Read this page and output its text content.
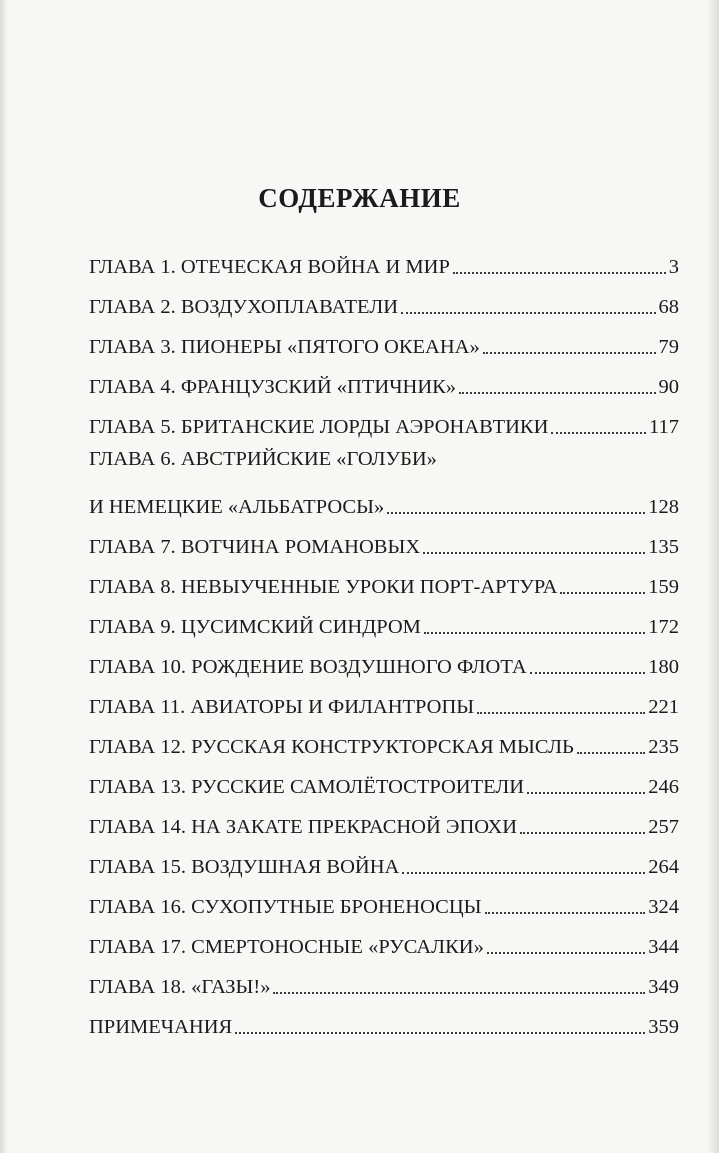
СОДЕРЖАНИЕ
ГЛАВА 1. ОТЕЧЕСКАЯ ВОЙНА И МИР	3
ГЛАВА 2. ВОЗДУХОПЛАВАТЕЛИ	68
ГЛАВА 3. ПИОНЕРЫ «ПЯТОГО ОКЕАНА»	79
ГЛАВА 4. ФРАНЦУЗСКИЙ «ПТИЧНИК»	90
ГЛАВА 5. БРИТАНСКИЕ ЛОРДЫ АЭРОНАВТИКИ	117
ГЛАВА 6. АВСТРИЙСКИЕ «ГОЛУБИ»
И НЕМЕЦКИЕ «АЛЬБАТРОСЫ»	128
ГЛАВА 7. ВОТЧИНА РОМАНОВЫХ	135
ГЛАВА 8. НЕВЫУЧЕННЫЕ УРОКИ ПОРТ-АРТУРА	159
ГЛАВА 9. ЦУСИМСКИЙ СИНДРОМ	172
ГЛАВА 10. РОЖДЕНИЕ ВОЗДУШНОГО ФЛОТА	180
ГЛАВА 11. АВИАТОРЫ И ФИЛАНТРОПЫ	221
ГЛАВА 12. РУССКАЯ КОНСТРУКТОРСКАЯ МЫСЛЬ	235
ГЛАВА 13. РУССКИЕ САМОЛЁТОСТРОИТЕЛИ	246
ГЛАВА 14. НА ЗАКАТЕ ПРЕКРАСНОЙ ЭПОХИ	257
ГЛАВА 15. ВОЗДУШНАЯ ВОЙНА	264
ГЛАВА 16. СУХОПУТНЫЕ БРОНЕНОСЦЫ	324
ГЛАВА 17. СМЕРТОНОСНЫЕ «РУСАЛКИ»	344
ГЛАВА 18. «ГАЗЫ!»	349
ПРИМЕЧАНИЯ	359
